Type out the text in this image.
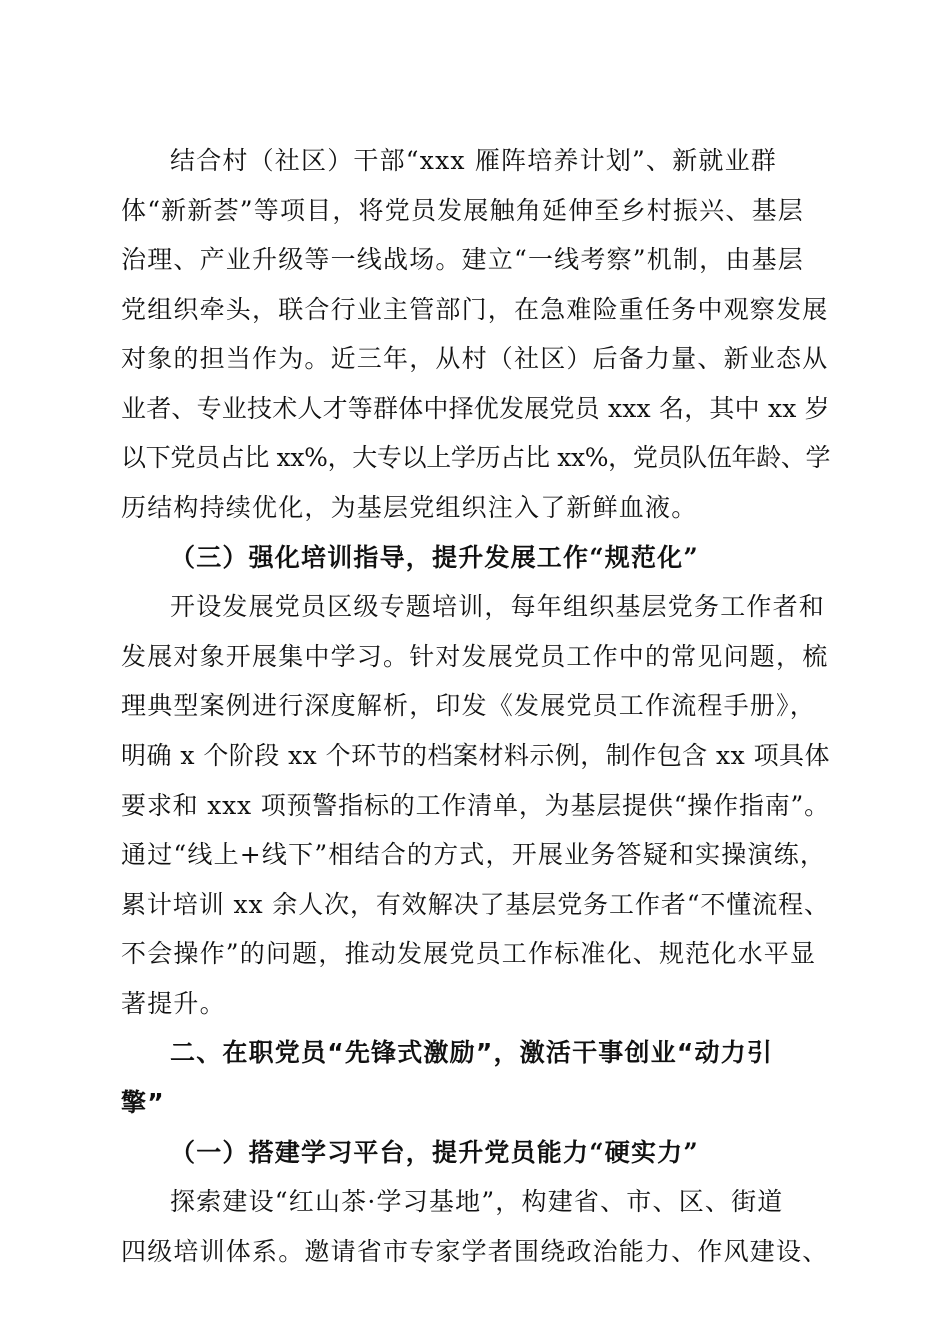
结合村（社区）干部“xxx 雁阵培养计划”、新就业群

体“新新荟”等项目，将党员发展触角延伸至乡村振兴、基层

治理、产业升级等一线战场。建立“一线考察”机制，由基层

党组织牵头，联合行业主管部门，在急难险重任务中观察发展

对象的担当作为。近三年，从村（社区）后备力量、新业态从

业者、专业技术人才等群体中择优发展党员 xxx 名，其中 xx 岁

以下党员占比 xx%，大专以上学历占比 xx%，党员队伍年龄、学

历结构持续优化，为基层党组织注入了新鲜血液。

（三）强化培训指导，提升发展工作“规范化”

开设发展党员区级专题培训，每年组织基层党务工作者和

发展对象开展集中学习。针对发展党员工作中的常见问题，梳

理典型案例进行深度解析，印发《发展党员工作流程手册》，

明确 x 个阶段 xx 个环节的档案材料示例，制作包含 xx 项具体

要求和 xxx 项预警指标的工作清单，为基层提供“操作指南”。

通过“线上+线下”相结合的方式，开展业务答疑和实操演练，

累计培训 xx 余人次，有效解决了基层党务工作者“不懂流程、

不会操作”的问题，推动发展党员工作标准化、规范化水平显

著提升。

二、在职党员“先锋式激励”，激活干事创业“动力引

擎”

（一）搭建学习平台，提升党员能力“硬实力”

探索建设“红山茶·学习基地”，构建省、市、区、街道

四级培训体系。邀请省市专家学者围绕政治能力、作风建设、
